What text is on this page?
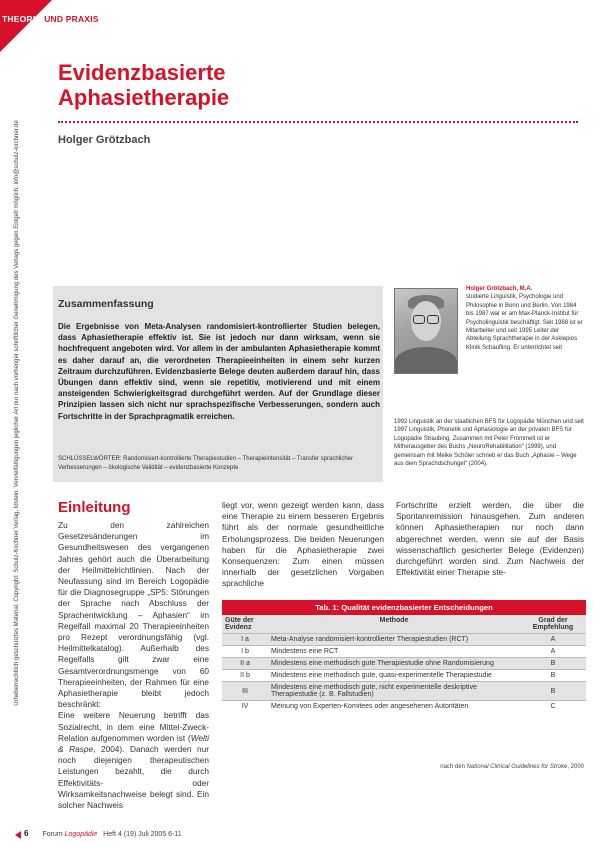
THEORIE UND PRAXIS
Urheberrechtlich geschütztes Material. Copyright: Schulz-Kirchner Verlag, Idstein. Vervielfältigungen jeglicher Art nur nach vorheriger schriftlicher Genehmigung des Verlags gegen Entgelt möglich. info@schulz-kirchner.de
Evidenzbasierte
Aphasietherapie
Holger Grötzbach
Zusammenfassung
Die Ergebnisse von Meta-Analysen randomisiert-kontrollierter Studien belegen, dass Aphasietherapie effektiv ist. Sie ist jedoch nur dann wirksam, wenn sie hochfrequent angeboten wird. Vor allem in der ambulanten Aphasietherapie kommt es daher darauf an, die verordneten Therapieeinheiten in einem sehr kurzen Zeitraum durchzuführen. Evidenzbasierte Belege deuten außerdem darauf hin, dass Übungen dann effektiv sind, wenn sie repetitiv, motivierend und mit einem ansteigenden Schwierigkeitsgrad durchgeführt werden. Auf der Grundlage dieser Prinzipien lassen sich nicht nur sprachspezifische Verbesserungen, sondern auch Fortschritte in der Sprachpragmatik erreichen.
SCHLÜSSELWÖRTER: Randomisiert-kontrollierte Therapiestudien – Therapieintensität – Transfer sprachlicher Verbesserungen – ökologische Validität – evidenzbasierte Konzepte
Holger Grötzbach, M.A.
studierte Linguistik, Psychologie und Philosophie in Bonn und Berlin. Von 1984 bis 1987 war er am Max-Planck-Institut für Psycholinguistik beschäftigt. Seit 1988 ist er Mitarbeiter und seit 1995 Leiter der Abteilung Sprachtherapie in der Asklepios Klinik Schaufling. Er unterrichtet seit
1992 Linguistik an der staatlichen BFS für Logopädie München und seit 1997 Linguistik, Phonetik und Aphasiologie an der privaten BFS für Logopädie Straubing. Zusammen mit Peter Frommelt ist er Mitherausgeber des Buchs „NeuroRehabilitation“ (1999), und gemeinsam mit Meike Schöler schrieb er das Buch „Aphasie – Wege aus dem Sprachdschungel“ (2004).
Einleitung

Zu den zahlreichen Gesetzesänderungen im Gesundheitswesen des vergangenen Jahres gehört auch die Überarbeitung der Heilmittelrichtlinien. Nach der Neufassung sind im Bereich Logopädie für die Diagnosegruppe „SP5: Störungen der Sprache nach Abschluss der Sprachentwicklung – Aphasien“ im Regelfall maximal 20 Therapieeinheiten pro Rezept verordnungsfähig (vgl. Heilmittelkatalog). Außerhalb des Regelfalls gilt zwar eine Gesamtverordnungsmenge von 60 Therapieeinheiten, der Rahmen für eine Aphasietherapie bleibt jedoch beschränkt:

Eine weitere Neuerung betrifft das Sozialrecht, in dem eine Mittel-Zweck-Relation aufgenommen worden ist (Welti & Raspe, 2004). Danach werden nur noch diejenigen therapeutischen Leistungen bezahlt, die durch Effektivitäts- oder Wirksamkeitsnachweise belegt sind. Ein solcher Nachweis

liegt vor, wenn gezeigt werden kann, dass eine Therapie zu einem besseren Ergebnis führt als der normale gesundheitliche Erholungsprozess. Die beiden Neuerungen haben für die Aphasietherapie zwei Konsequenzen: Zum einen müssen innerhalb der gesetzlichen Vorgaben sprachliche

Fortschritte erzielt werden, die über die Spontanremission hinausgehen. Zum anderen können Aphasietherapien nur noch dann abgerechnet werden, wenn sie auf der Basis wissenschaftlich gesicherter Belege (Evidenzen) durchgeführt worden sind. Zum Nachweis der Effektivität einer Therapie ste-

Tab. 1: Qualität evidenzbasierter Entscheidungen
Güte der Evidenz	Methode	Grad der Empfehlung
I a	Meta-Analyse randomisiert-kontrollierter Therapiestudien (RCT)	A
I b	Mindestens eine RCT	A
II a	Mindestens eine methodisch gute Therapiestudie ohne Randomisierung	B
II b	Mindestens eine methodisch gute, quasi-experimentelle Therapiestudie	B
III	Mindestens eine methodisch gute, nicht experimentelle deskriptive Therapiestudie (z. B. Fallstudien)	B
IV	Meinung von Experten-Komitees oder angesehenen Autoritäten	C
nach den National Clinical Guidelines for Stroke, 2000
6 Forum Logopädie Heft 4 (19) Juli 2005 6-11
